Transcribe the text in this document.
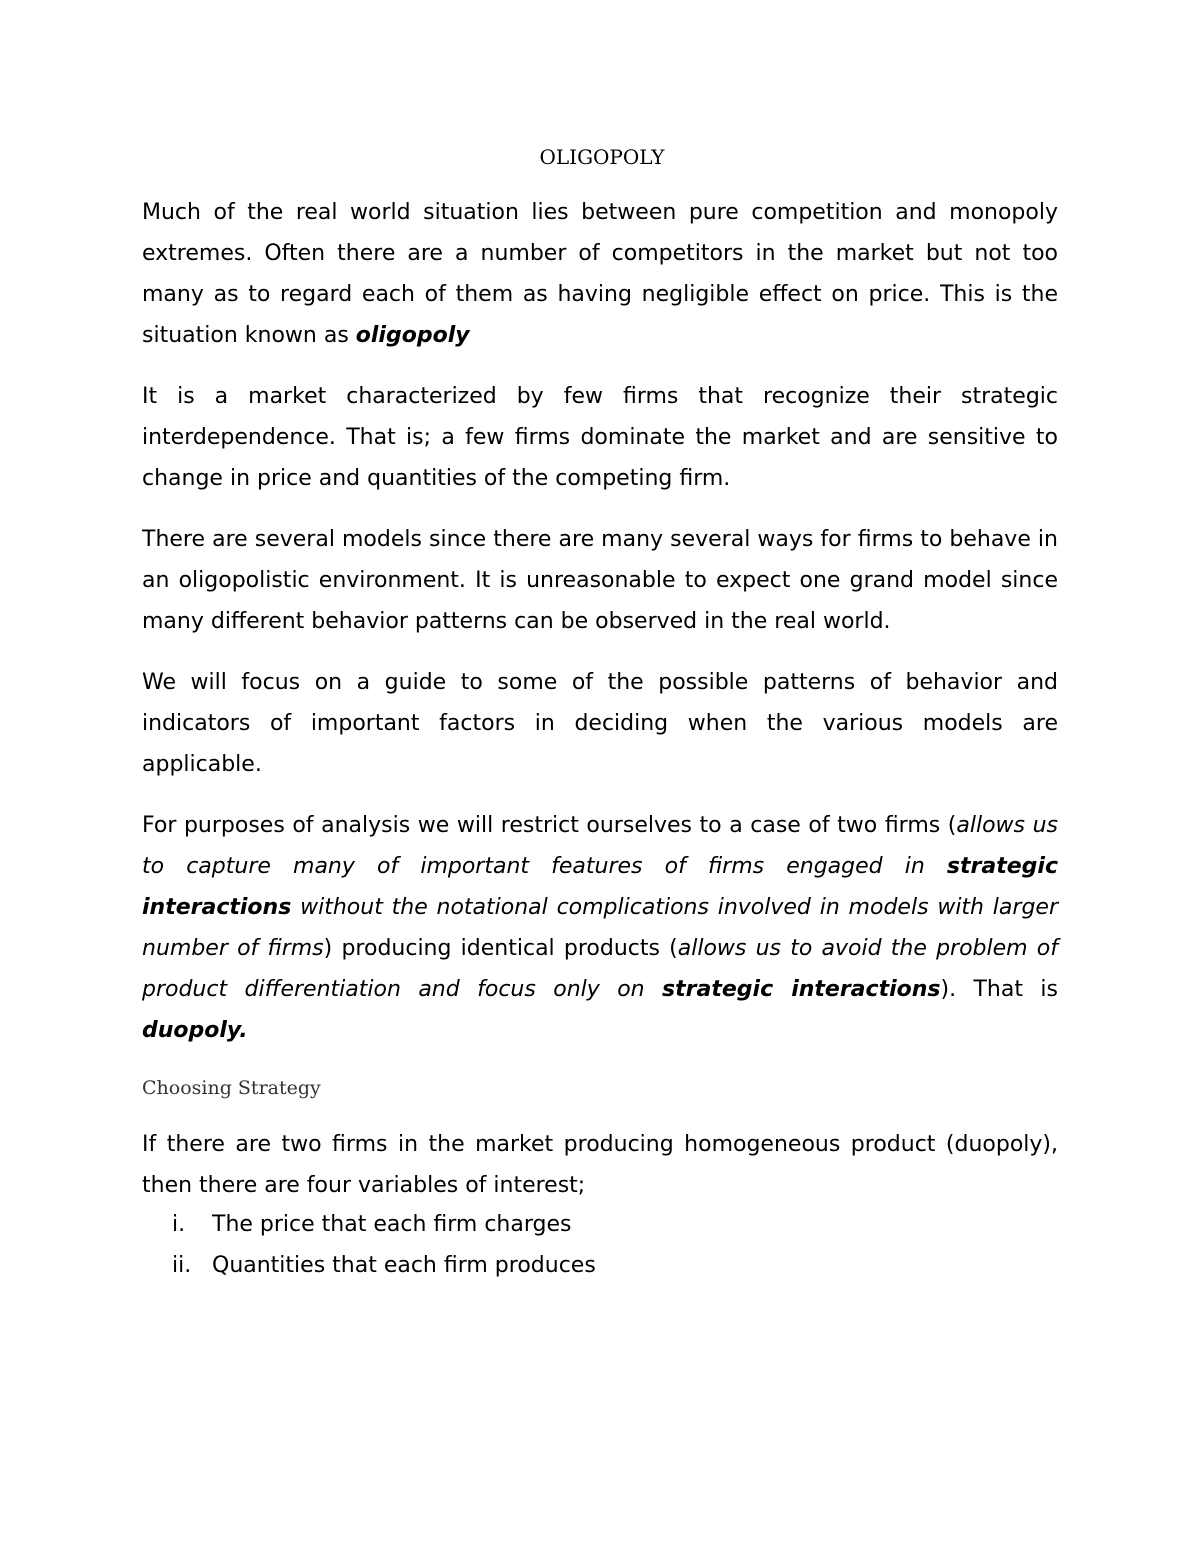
OLIGOPOLY

Much of the real world situation lies between pure competition and monopoly extremes. Often there are a number of competitors in the market but not too many as to regard each of them as having negligible effect on price. This is the situation known as oligopoly

It is a market characterized by few firms that recognize their strategic interdependence. That is; a few firms dominate the market and are sensitive to change in price and quantities of the competing firm.

There are several models since there are many several ways for firms to behave in an oligopolistic environment. It is unreasonable to expect one grand model since many different behavior patterns can be observed in the real world.

We will focus on a guide to some of the possible patterns of behavior and indicators of important factors in deciding when the various models are applicable.

For purposes of analysis we will restrict ourselves to a case of two firms (allows us to capture many of important features of firms engaged in strategic interactions without the notational complications involved in models with larger number of firms) producing identical products (allows us to avoid the problem of product differentiation and focus only on strategic interactions). That is duopoly.

Choosing Strategy

If there are two firms in the market producing homogeneous product (duopoly), then there are four variables of interest;

i.	The price that each firm charges
ii. Quantities that each firm produces
